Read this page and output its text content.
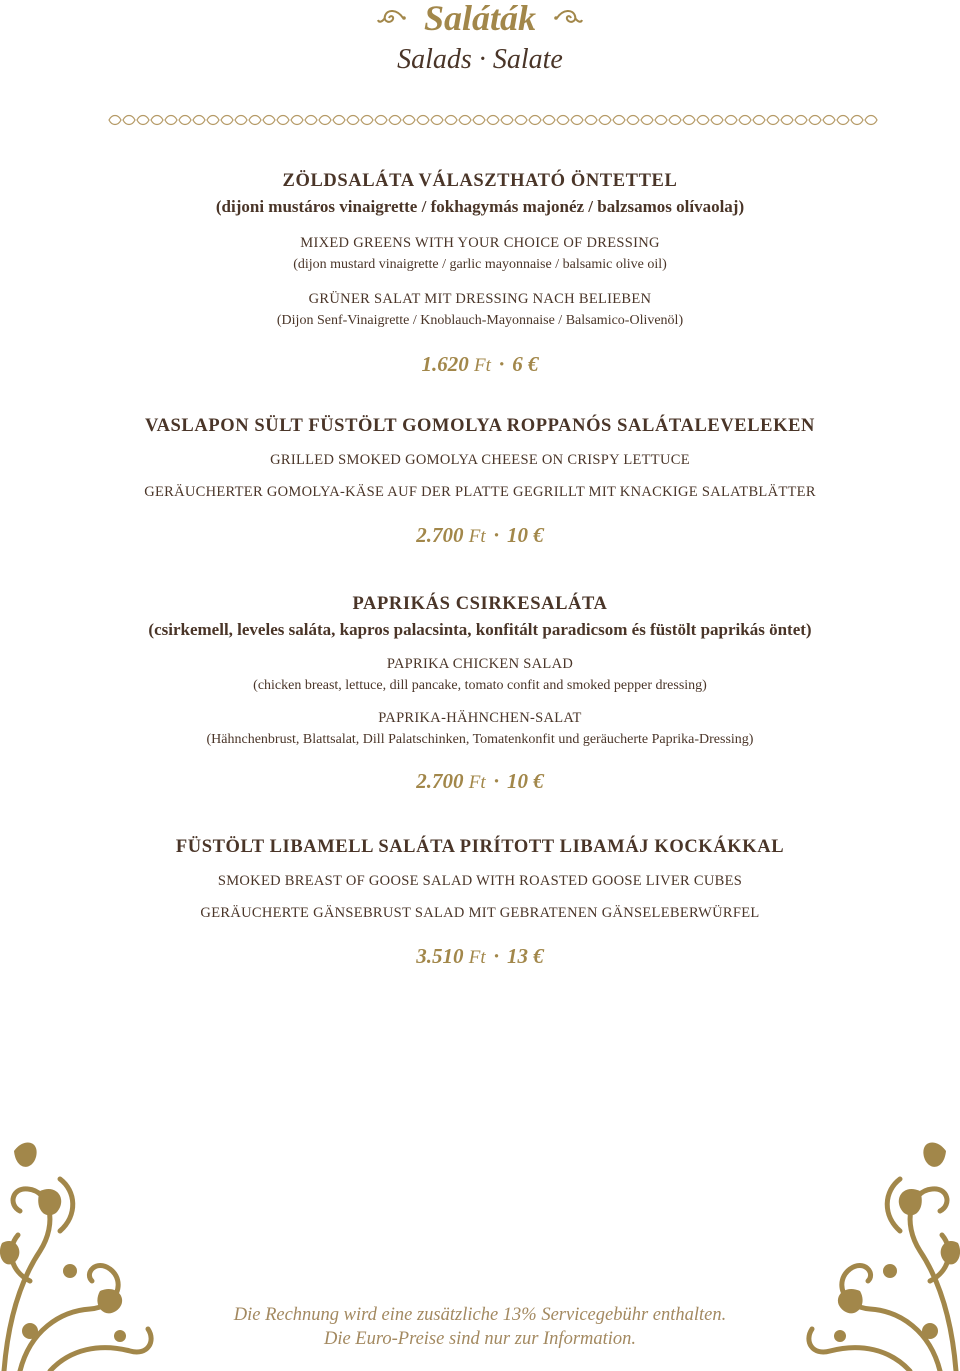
Saláták
Salads · Salate
ZÖLDSALÁTA VÁLASZTHATÓ ÖNTETTEL
(dijoni mustáros vinaigrette / fokhagymás majonéz / balzsamos olívaolaj)
MIXED GREENS WITH YOUR CHOICE OF DRESSING
(dijon mustard vinaigrette / garlic mayonnaise / balsamic olive oil)
GRÜNER SALAT MIT DRESSING NACH BELIEBEN
(Dijon Senf-Vinaigrette / Knoblauch-Mayonnaise / Balsamico-Olivenöl)
1.620 Ft · 6 €
VASLAPON SÜLT FÜSTÖLT GOMOLYA ROPPANÓS SALÁTALEVELEKEN
GRILLED SMOKED GOMOLYA CHEESE ON CRISPY LETTUCE
GERÄUCHERTER GOMOLYA-KÄSE AUF DER PLATTE GEGRILLT MIT KNACKIGE SALATBLÄTTER
2.700 Ft · 10 €
PAPRIKÁS CSIRKESALÁTA
(csirkemell, leveles saláta, kapros palacsinta, konfitált paradicsom és füstölt paprikás öntet)
PAPRIKA CHICKEN SALAD
(chicken breast, lettuce, dill pancake, tomato confit and smoked pepper dressing)
PAPRIKA-HÄHNCHEN-SALAT
(Hähnchenbrust, Blattsalat, Dill Palatschinken, Tomatenkonfit und geräucherte Paprika-Dressing)
2.700 Ft · 10 €
FÜSTÖLT LIBAMELL SALÁTA PIRÍTOTT LIBAMÁJ KOCKÁKKAL
SMOKED BREAST OF GOOSE SALAD WITH ROASTED GOOSE LIVER CUBES
GERÄUCHERTE GÄNSEBRUST SALAD MIT GEBRATENEN GÄNSELEBERWÜRFEL
3.510 Ft · 13 €
Die Rechnung wird eine zusätzliche 13% Servicegebühr enthalten.
Die Euro-Preise sind nur zur Information.
